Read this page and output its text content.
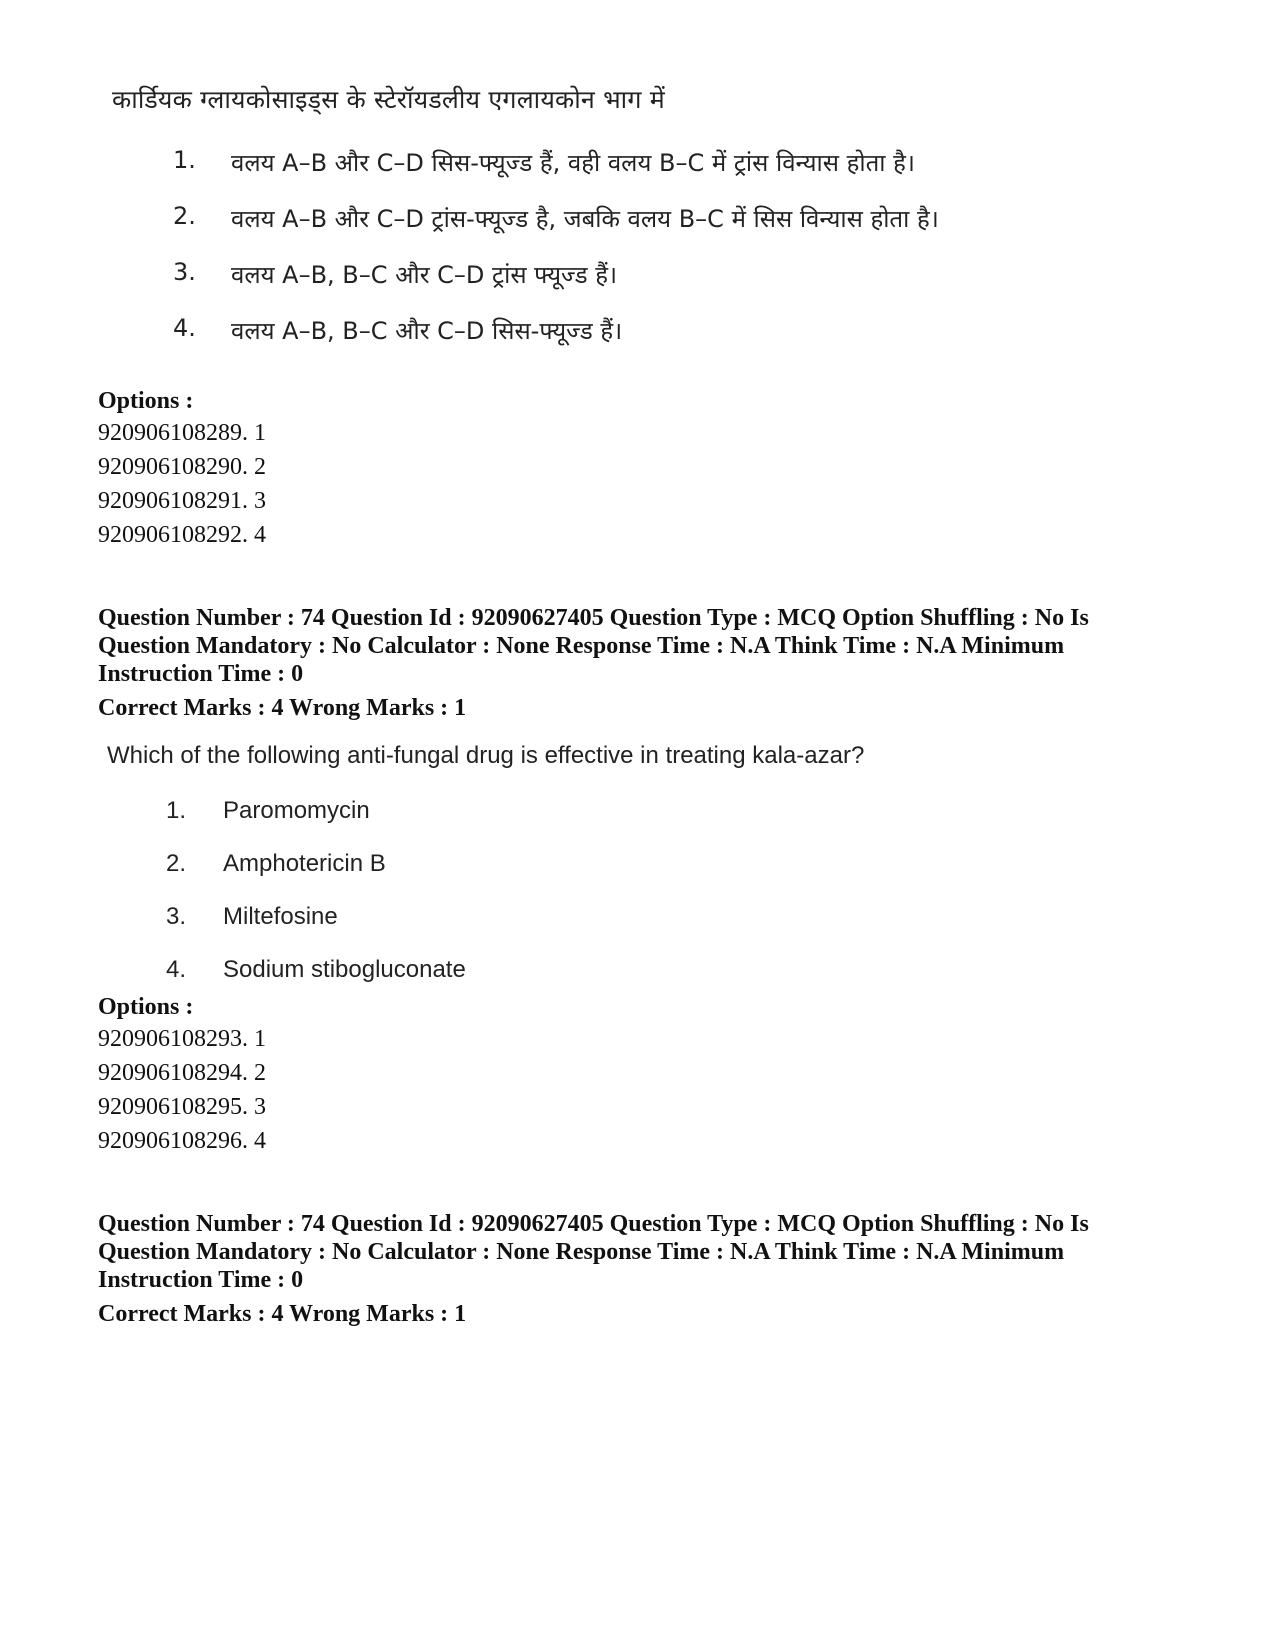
कार्डियक ग्लायकोसाइड्स के स्टेरॉयडलीय एगलायकोन भाग में
1.	वलय A–B और C–D सिस-फ्यूज्ड हैं, वही वलय B–C में ट्रांस विन्यास होता है।
2.	वलय A–B और C–D ट्रांस-फ्यूज्ड है, जबकि वलय B–C में सिस विन्यास होता है।
3.	वलय A–B, B–C और C–D ट्रांस फ्यूज्ड हैं।
4.	वलय A–B, B–C और C–D सिस-फ्यूज्ड हैं।
Options :
920906108289. 1
920906108290. 2
920906108291. 3
920906108292. 4
Question Number : 74 Question Id : 92090627405 Question Type : MCQ Option Shuffling : No Is
Question Mandatory : No Calculator : None Response Time : N.A Think Time : N.A Minimum
Instruction Time : 0
Correct Marks : 4 Wrong Marks : 1
Which of the following anti-fungal drug is effective in treating kala-azar?
1.	Paromomycin
2.	Amphotericin B
3.	Miltefosine
4.	Sodium stibogluconate
Options :
920906108293. 1
920906108294. 2
920906108295. 3
920906108296. 4
Question Number : 74 Question Id : 92090627405 Question Type : MCQ Option Shuffling : No Is
Question Mandatory : No Calculator : None Response Time : N.A Think Time : N.A Minimum
Instruction Time : 0
Correct Marks : 4 Wrong Marks : 1
